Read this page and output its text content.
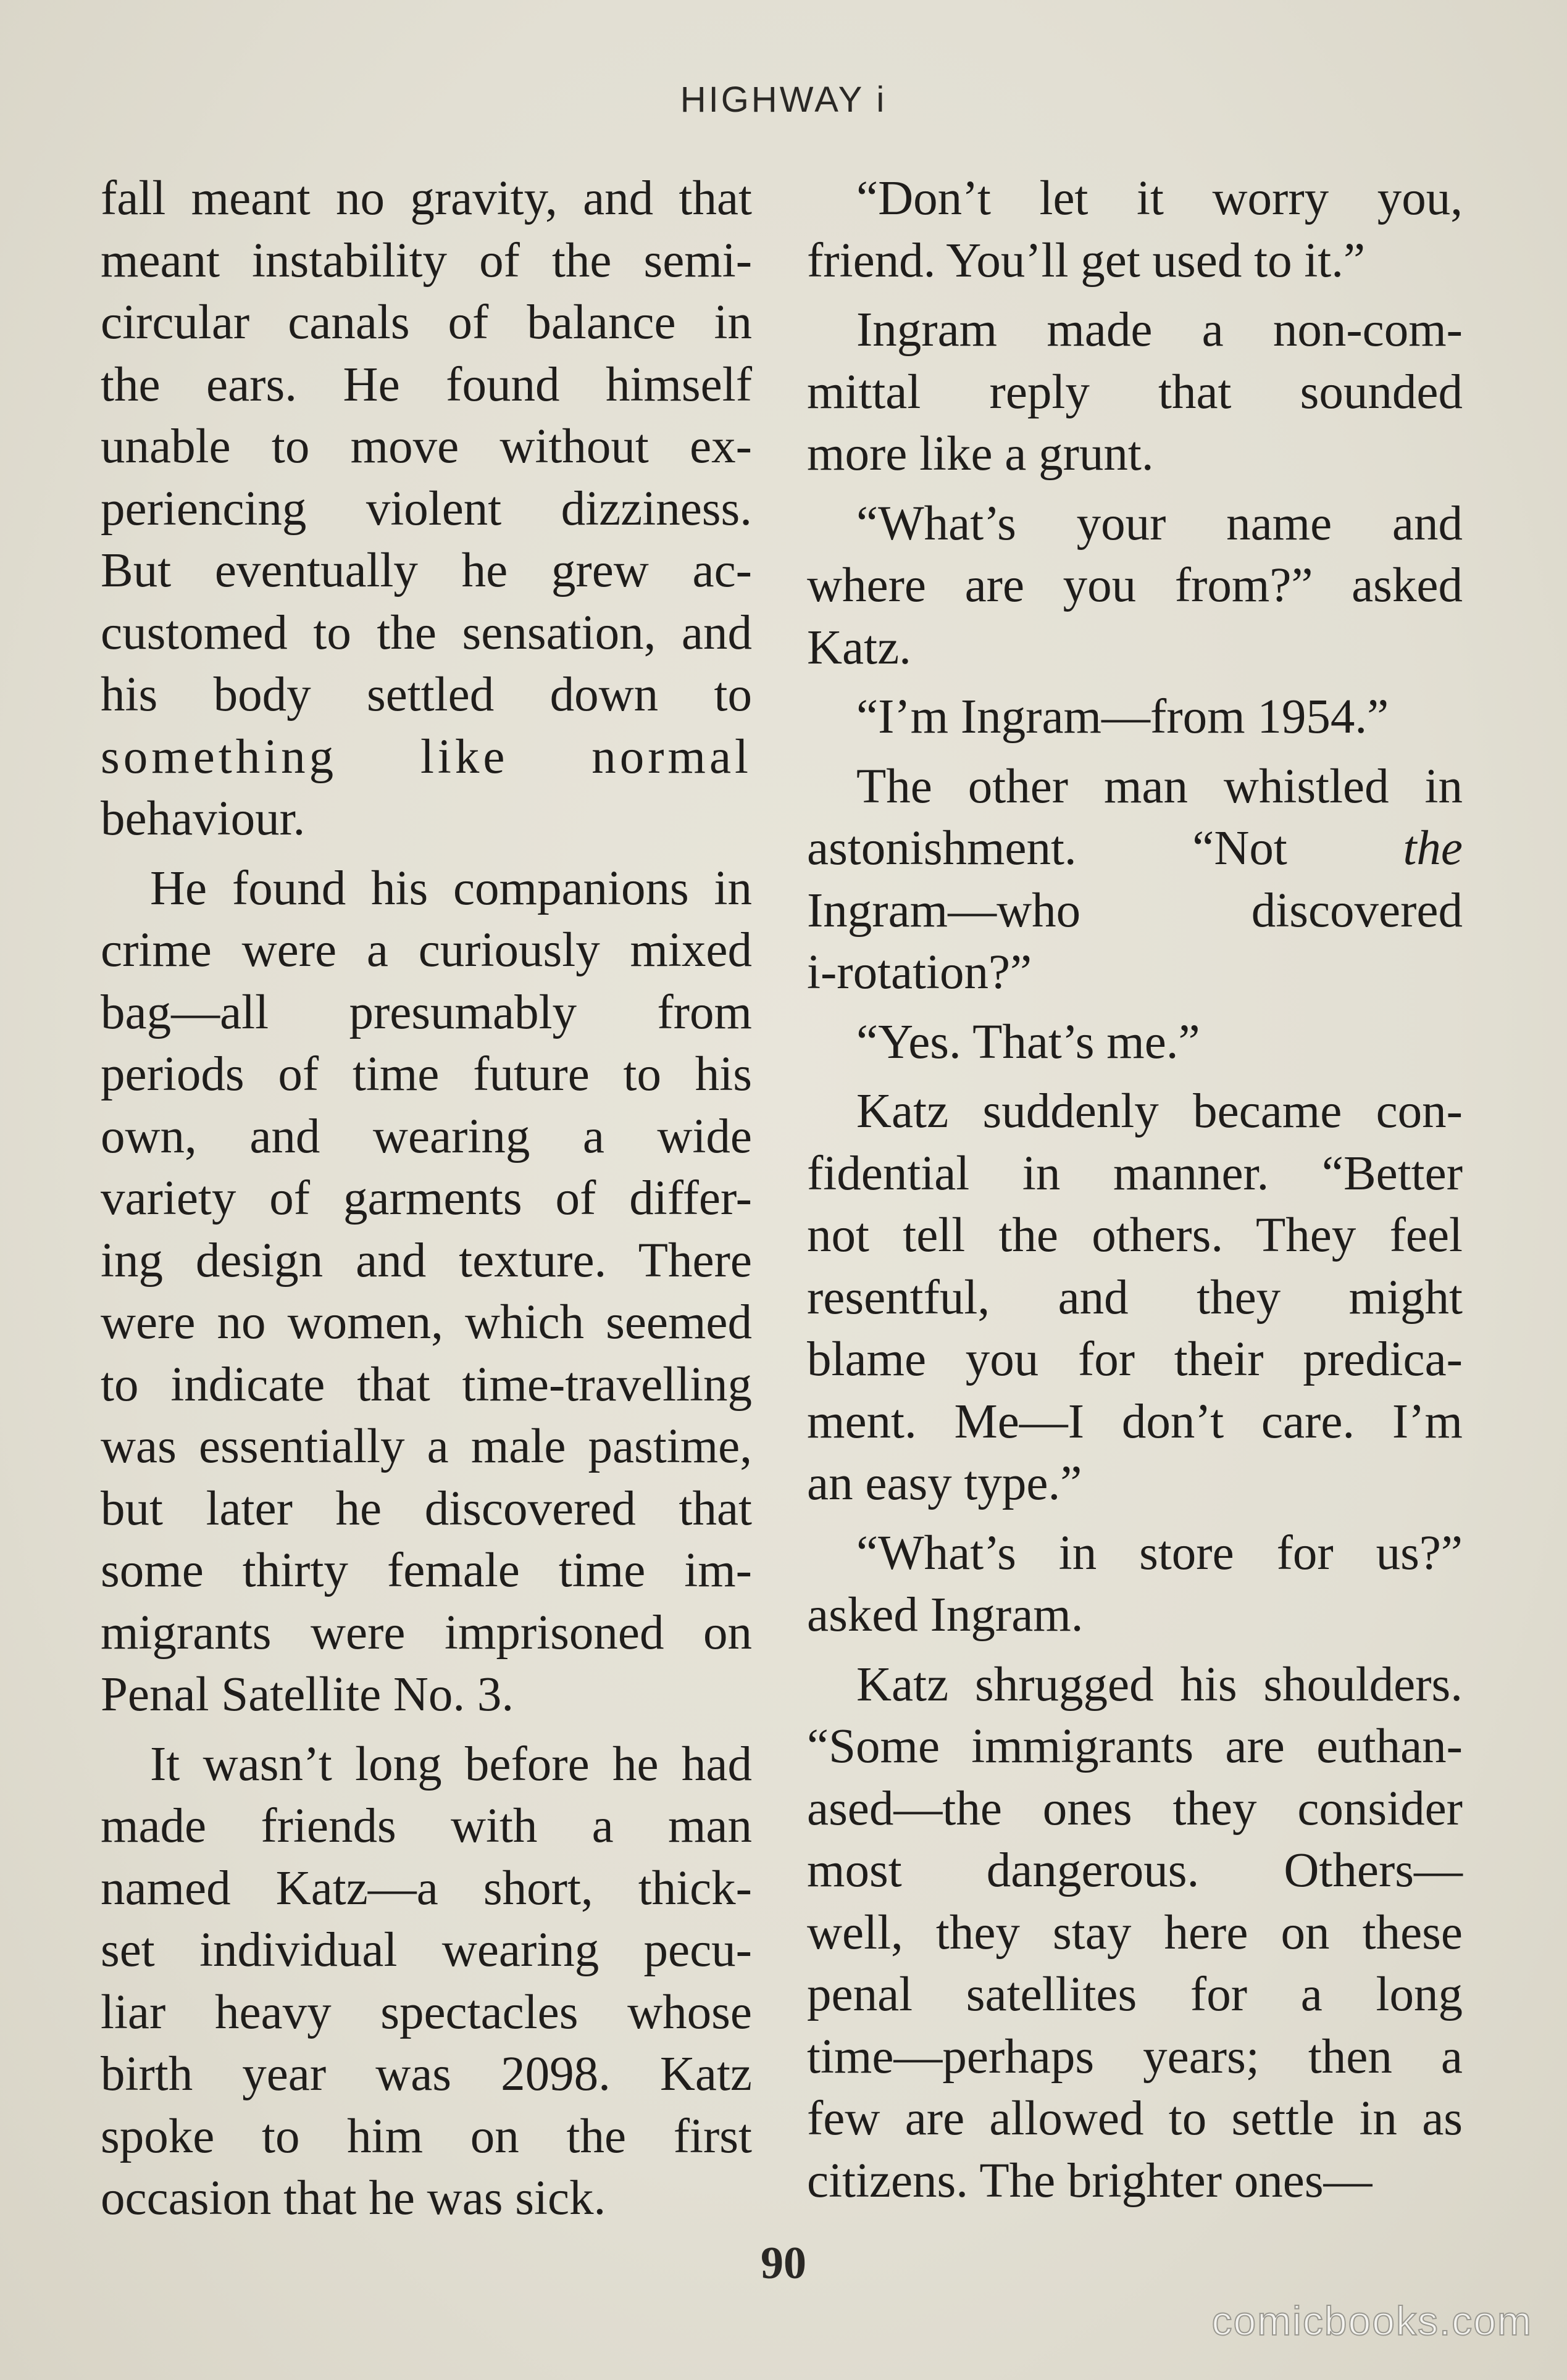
HIGHWAY i
fall meant no gravity, and that
meant instability of the semi-
circular canals of balance in
the ears. He found himself
unable to move without ex-
periencing violent dizziness.
But eventually he grew ac-
customed to the sensation, and
his body settled down to
something like normal
behaviour.
He found his companions in
crime were a curiously mixed
bag—all presumably from
periods of time future to his
own, and wearing a wide
variety of garments of differ-
ing design and texture. There
were no women, which seemed
to indicate that time-travelling
was essentially a male pastime,
but later he discovered that
some thirty female time im-
migrants were imprisoned on
Penal Satellite No. 3.
It wasn’t long before he had
made friends with a man
named Katz—a short, thick-
set individual wearing pecu-
liar heavy spectacles whose
birth year was 2098. Katz
spoke to him on the first
occasion that he was sick.
“Don’t let it worry you,
friend. You’ll get used to it.”
Ingram made a non-com-
mittal reply that sounded
more like a grunt.
“What’s your name and
where are you from?” asked
Katz.
“I’m Ingram—from 1954.”
The other man whistled in
astonishment. “Not the
Ingram—who discovered
i-rotation?”
“Yes. That’s me.”
Katz suddenly became con-
fidential in manner. “Better
not tell the others. They feel
resentful, and they might
blame you for their predica-
ment. Me—I don’t care. I’m
an easy type.”
“What’s in store for us?”
asked Ingram.
Katz shrugged his shoulders.
“Some immigrants are euthan-
ased—the ones they consider
most dangerous. Others—
well, they stay here on these
penal satellites for a long
time—perhaps years; then a
few are allowed to settle in as
citizens. The brighter ones—
90
comicbooks.com
